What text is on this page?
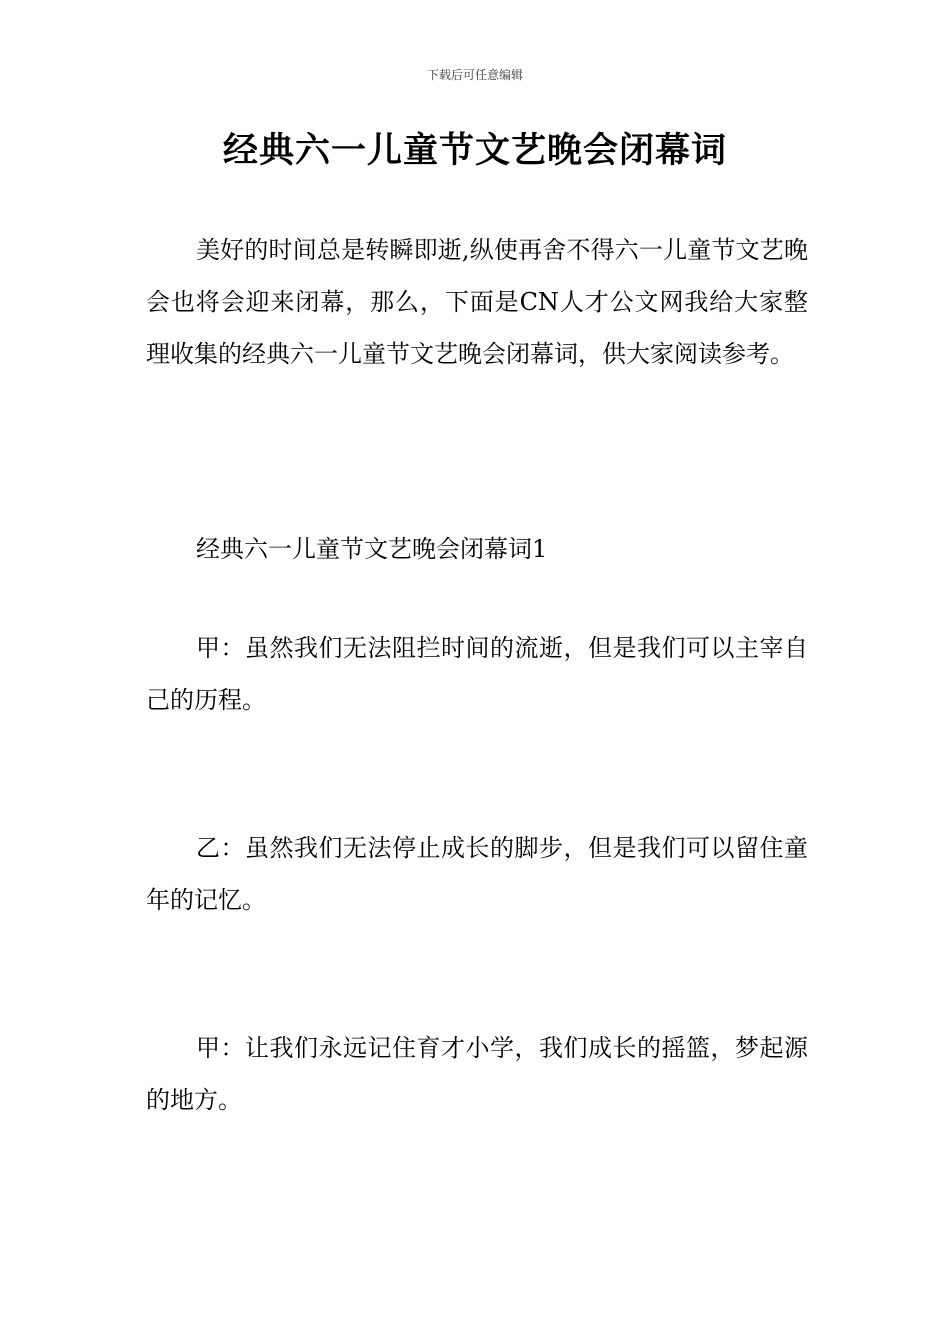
下载后可任意编辑
经典六一儿童节文艺晚会闭幕词

美好的时间总是转瞬即逝,纵使再舍不得六一儿童节文艺晚会也将会迎来闭幕，那么，下面是CN人才公文网我给大家整理收集的经典六一儿童节文艺晚会闭幕词，供大家阅读参考。

经典六一儿童节文艺晚会闭幕词1

甲：虽然我们无法阻拦时间的流逝，但是我们可以主宰自己的历程。

乙：虽然我们无法停止成长的脚步，但是我们可以留住童年的记忆。

甲：让我们永远记住育才小学，我们成长的摇篮，梦起源的地方。
